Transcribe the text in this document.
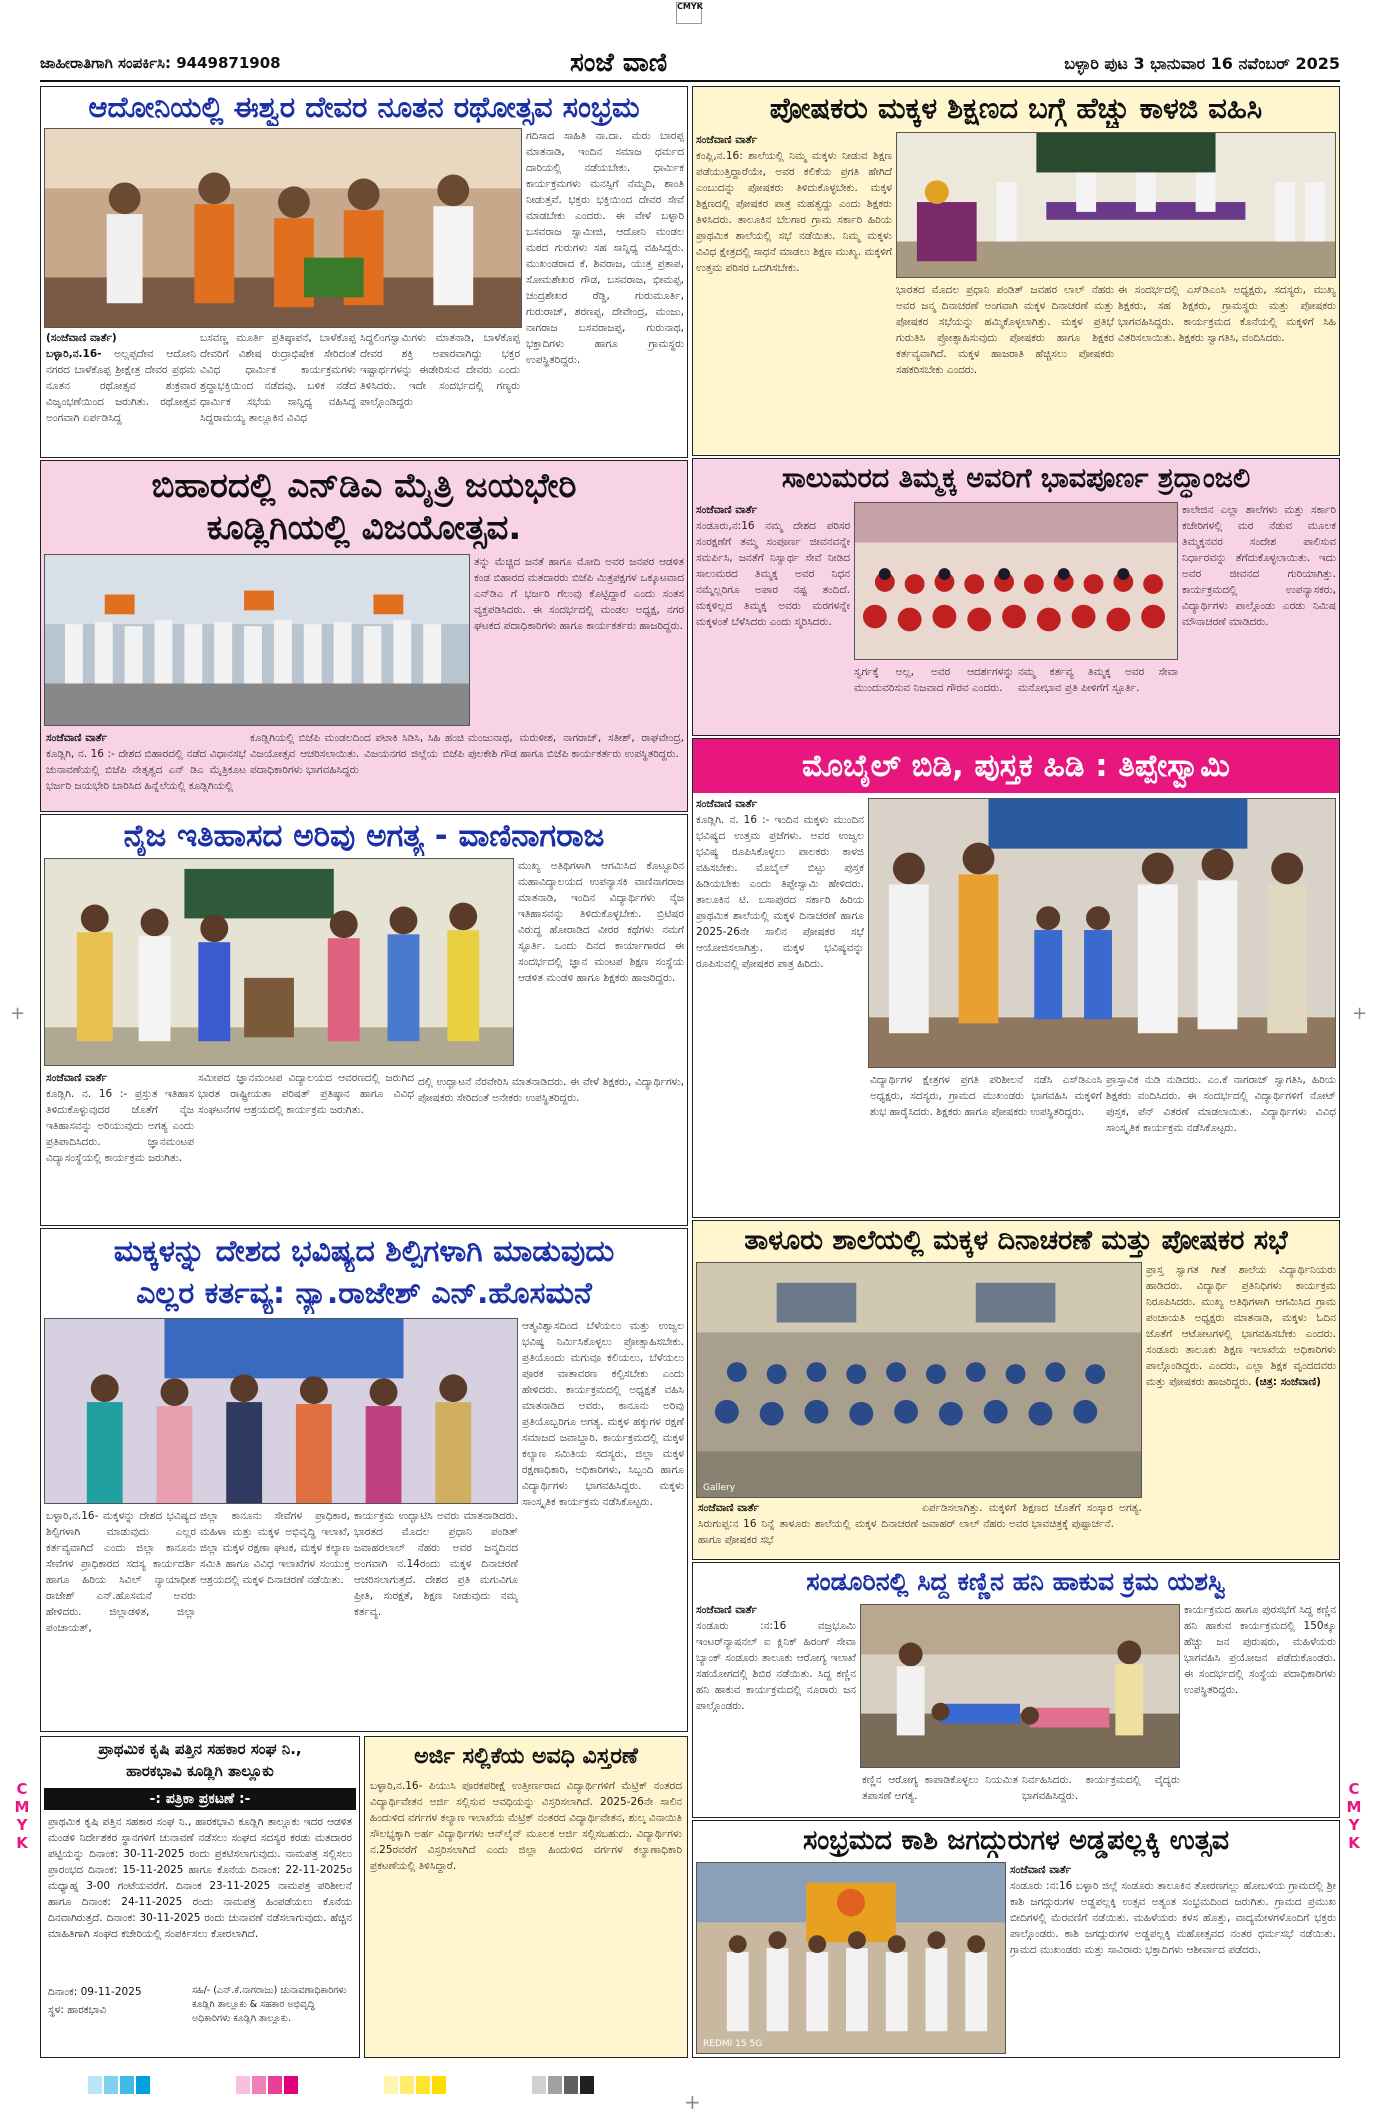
CMYK
C
M
Y
K
C
M
Y
K
+	+
ಜಾಹೀರಾತಿಗಾಗಿ ಸಂಪರ್ಕಿಸಿ: 9449871908	ಸಂಜೆ ವಾಣಿ	ಬಳ್ಳಾರಿ ಪುಟ 3 ಭಾನುವಾರ 16 ನವೆಂಬರ್ 2025
ಆದೋನಿಯಲ್ಲಿ ಈಶ್ವರ ದೇವರ ನೂತನ ರಥೋತ್ಸವ ಸಂಭ್ರಮ
ಗದಿಸಾದ ಸಾಹಿತಿ ನಾ.ದಾ. ಮರು ಬಾರಪ್ಪ ಮಾತನಾಡಿ, ಇಂದಿನ ಸಮಾಜ ಧರ್ಮದ ದಾರಿಯಲ್ಲಿ ನಡೆಯಬೇಕು. ಧಾರ್ಮಿಕ ಕಾರ್ಯಕ್ರಮಗಳು ಮನಸ್ಸಿಗೆ ನೆಮ್ಮದಿ, ಶಾಂತಿ ನೀಡುತ್ತವೆ. ಭಕ್ತರು ಭಕ್ತಿಯಿಂದ ದೇವರ ಸೇವೆ ಮಾಡಬೇಕು ಎಂದರು. ಈ ವೇಳೆ ಬಳ್ಳಾರಿ ಬಸವರಾಜ ಸ್ವಾಮೀಜಿ, ಆದೋನಿ ಮಂಡಲ ಮಠದ ಗುರುಗಳು ಸಹ ಸಾನ್ನಿಧ್ಯ ವಹಿಸಿದ್ದರು. ಮುಖಂಡರಾದ ಕೆ. ಶಿವರಾಜ, ಯುತ್ತ ಪ್ರತಾಪ, ಸೋಮಶೇಖರ ಗೌಡ, ಬಸವರಾಜ, ಭೀಮಪ್ಪ, ಚಂದ್ರಶೇಖರ ರೆಡ್ಡಿ, ಗುರುಮೂರ್ತಿ, ಗುರುರಾಜ್, ಶರಣಪ್ಪ, ದೇವೇಂದ್ರ, ಮಂಜು, ನಾಗರಾಜ ಬಸವರಾಜಪ್ಪ, ಗುರುನಾಥ, ಭಕ್ತಾದಿಗಳು ಹಾಗೂ ಗ್ರಾಮಸ್ಥರು ಉಪಸ್ಥಿತರಿದ್ದರು.
(ಸಂಜೆವಾಣಿ ವಾರ್ತೆ)
ಬಳ್ಳಾರಿ,ನ.16- ಅಲ್ಲಪ್ಪದೇವ ಆದೋನಿ ನಗರದ ಬಾಳೆಕೊಪ್ಪ ಶ್ರೀಕ್ಷೇತ್ರ ದೇವರ ಪ್ರಥಮ ನೂತನ ರಥೋತ್ಸವ ಶುಕ್ರವಾರ ವಿಜೃಂಭಣೆಯಿಂದ ಜರುಗಿತು. ರಥೋತ್ಸವ ಅಂಗವಾಗಿ ಏರ್ಪಡಿಸಿದ್ದ
ಬಸವಣ್ಣ ಮೂರ್ತಿ ಪ್ರತಿಷ್ಠಾಪನೆ, ಬಾಳೆಕೊಪ್ಪ ದೇವರಿಗೆ ವಿಶೇಷ ರುದ್ರಾಭಿಷೇಕ ಸೇರಿದಂತೆ ವಿವಿಧ ಧಾರ್ಮಿಕ ಕಾರ್ಯಕ್ರಮಗಳು ಶ್ರದ್ಧಾಭಕ್ತಿಯಿಂದ ನಡೆದವು. ಬಳಿಕ ನಡೆದ ಧಾರ್ಮಿಕ ಸಭೆಯ ಸಾನ್ನಿಧ್ಯ ವಹಿಸಿದ್ದ ಸಿದ್ದರಾಮಯ್ಯ ತಾಲ್ಲೂಕಿನ ವಿವಿಧ
ಸಿದ್ಧಲಿಂಗಸ್ವಾಮಿಗಳು ಮಾತನಾಡಿ, ಬಾಳೆಕೊಪ್ಪ ದೇವರ ಶಕ್ತಿ ಅಪಾರವಾಗಿದ್ದು ಭಕ್ತರ ಇಷ್ಟಾರ್ಥಗಳನ್ನು ಈಡೇರಿಸುವ ದೇವರು ಎಂದು ತಿಳಿಸಿದರು. ಇದೇ ಸಂದರ್ಭದಲ್ಲಿ ಗಣ್ಯರು ಪಾಲ್ಗೊಂಡಿದ್ದರು
ಬಿಹಾರದಲ್ಲಿ ಎನ್‌ಡಿಎ ಮೈತ್ರಿ ಜಯಭೇರಿ
ಕೂಡ್ಲಿಗಿಯಲ್ಲಿ ವಿಜಯೋತ್ಸವ.
ತನ್ನು ಮೆಚ್ಚಿದ ಜನತೆ ಹಾಗೂ ಮೋದಿ ಅವರ ಜನಪರ ಆಡಳಿತ ಕಂಡ ಬಿಹಾರದ ಮತದಾರರು ಬಿಜೆಪಿ ಮಿತ್ರಪಕ್ಷಗಳ ಒಕ್ಕೂಟವಾದ ಎನ್‌ಡಿಎ ಗೆ ಭರ್ಜರಿ ಗೆಲುವು ಕೊಟ್ಟಿದ್ದಾರೆ ಎಂದು ಸಂತಸ ವ್ಯಕ್ತಪಡಿಸಿದರು. ಈ ಸಂದರ್ಭದಲ್ಲಿ ಮಂಡಲ ಅಧ್ಯಕ್ಷ, ನಗರ ಘಟಕದ ಪದಾಧಿಕಾರಿಗಳು ಹಾಗೂ ಕಾರ್ಯಕರ್ತರು ಹಾಜರಿದ್ದರು.
ಸಂಜೆವಾಣಿ ವಾರ್ತೆ
ಕೂಡ್ಲಿಗಿ, ನ. 16 :- ದೇಶದ ಬಿಹಾರದಲ್ಲಿ ನಡೆದ ವಿಧಾನಸಭೆ ಚುನಾವಣೆಯಲ್ಲಿ ಬಿಜೆಪಿ ನೇತೃತ್ವದ ಎನ್ ಡಿಎ ಮೈತ್ರಿಕೂಟ ಭರ್ಜರಿ ಜಯಭೇರಿ ಬಾರಿಸಿದ ಹಿನ್ನೆಲೆಯಲ್ಲಿ ಕೂಡ್ಲಿಗಿಯಲ್ಲಿ
ಕೂಡ್ಲಿಗಿಯಲ್ಲಿ ಬಿಜೆಪಿ ಮಂಡಲದಿಂದ ಪಟಾಕಿ ಸಿಡಿಸಿ, ಸಿಹಿ ಹಂಚಿ ವಿಜಯೋತ್ಸವ ಆಚರಿಸಲಾಯಿತು. ವಿಜಯನಗರ ಜಿಲ್ಲೆಯ ಬಿಜೆಪಿ ಪದಾಧಿಕಾರಿಗಳು ಭಾಗವಹಿಸಿದ್ದರು
ಮಂಜುನಾಥ, ಮರುಳೀಶ, ನಾಗರಾಜ್, ಸತೀಶ್, ರಾಘವೇಂದ್ರ, ಪುಲಕೇಶಿ ಗೌಡ ಹಾಗೂ ಬಿಜೆಪಿ ಕಾರ್ಯಕರ್ತರು ಉಪಸ್ಥಿತರಿದ್ದರು.
ನೈಜ ಇತಿಹಾಸದ ಅರಿವು ಅಗತ್ಯ - ವಾಣಿನಾಗರಾಜ
ಮುಖ್ಯ ಅತಿಥಿಗಳಾಗಿ ಆಗಮಿಸಿದ ಕೊಟ್ಟೂರಿನ ಮಹಾವಿದ್ಯಾಲಯದ ಉಪನ್ಯಾಸಕಿ ವಾಣಿನಾಗರಾಜ ಮಾತನಾಡಿ, ಇಂದಿನ ವಿದ್ಯಾರ್ಥಿಗಳು ನೈಜ ಇತಿಹಾಸವನ್ನು ತಿಳಿದುಕೊಳ್ಳಬೇಕು. ಬ್ರಿಟಿಷರ ವಿರುದ್ಧ ಹೋರಾಡಿದ ವೀರರ ಕಥೆಗಳು ನಮಗೆ ಸ್ಫೂರ್ತಿ. ಒಂದು ದಿನದ ಕಾರ್ಯಾಗಾರದ ಈ ಸಂದರ್ಭದಲ್ಲಿ ಜ್ಞಾನ ಮಂಟಪ ಶಿಕ್ಷಣ ಸಂಸ್ಥೆಯ ಆಡಳಿತ ಮಂಡಳಿ ಹಾಗೂ ಶಿಕ್ಷಕರು ಹಾಜರಿದ್ದರು.
ಸಂಜೆವಾಣಿ ವಾರ್ತೆ
ಕೂಡ್ಲಿಗಿ. ನ. 16 :- ಪ್ರಸ್ತುತ ಇತಿಹಾಸ ತಿಳಿದುಕೊಳ್ಳುವುದರ ಜೊತೆಗೆ ನೈಜ ಇತಿಹಾಸವನ್ನು ಅರಿಯುವುದು ಅಗತ್ಯ ಎಂದು ಪ್ರತಿಪಾದಿಸಿದರು. ಜ್ಞಾನಮಂಟಪ ವಿದ್ಯಾಸಂಸ್ಥೆಯಲ್ಲಿ ಕಾರ್ಯಕ್ರಮ ಜರುಗಿತು.
ಸಮೀಪದ ಜ್ಞಾನಮಂಟಪ ವಿದ್ಯಾಲಯದ ಆವರಣದಲ್ಲಿ ಜರುಗಿದ ಭಾರತ ರಾಷ್ಟ್ರೀಯತಾ ಪರಿಷತ್ ಪ್ರತಿಷ್ಠಾನ ಹಾಗೂ ವಿವಿಧ ಸಂಘಟನೆಗಳ ಆಶ್ರಯದಲ್ಲಿ ಕಾರ್ಯಕ್ರಮ ಜರುಗಿತು.
ದಲ್ಲಿ ಉದ್ಘಾಟನೆ ನೆರವೇರಿಸಿ ಮಾತನಾಡಿದರು. ಈ ವೇಳೆ ಶಿಕ್ಷಕರು, ವಿದ್ಯಾರ್ಥಿಗಳು, ಪೋಷಕರು ಸೇರಿದಂತೆ ಅನೇಕರು ಉಪಸ್ಥಿತರಿದ್ದರು.
ಮಕ್ಕಳನ್ನು ದೇಶದ ಭವಿಷ್ಯದ ಶಿಲ್ಪಿಗಳಾಗಿ ಮಾಡುವುದು
ಎಲ್ಲರ ಕರ್ತವ್ಯ: ನ್ಯಾ.ರಾಜೇಶ್ ಎನ್.ಹೊಸಮನೆ
ಆತ್ಮವಿಶ್ವಾಸದಿಂದ ಬೆಳೆಯಲು ಮತ್ತು ಉಜ್ವಲ ಭವಿಷ್ಯ ನಿರ್ಮಿಸಿಕೊಳ್ಳಲು ಪ್ರೋತ್ಸಾಹಿಸಬೇಕು. ಪ್ರತಿಯೊಂದು ಮಗುವೂ ಕಲಿಯಲು, ಬೆಳೆಯಲು ಪೂರಕ ವಾತಾವರಣ ಕಲ್ಪಿಸಬೇಕು ಎಂದು ಹೇಳಿದರು. ಕಾರ್ಯಕ್ರಮದಲ್ಲಿ ಅಧ್ಯಕ್ಷತೆ ವಹಿಸಿ ಮಾತನಾಡಿದ ಅವರು, ಕಾನೂನು ಅರಿವು ಪ್ರತಿಯೊಬ್ಬರಿಗೂ ಅಗತ್ಯ. ಮಕ್ಕಳ ಹಕ್ಕುಗಳ ರಕ್ಷಣೆ ಸಮಾಜದ ಜವಾಬ್ದಾರಿ. ಕಾರ್ಯಕ್ರಮದಲ್ಲಿ ಮಕ್ಕಳ ಕಲ್ಯಾಣ ಸಮಿತಿಯ ಸದಸ್ಯರು, ಜಿಲ್ಲಾ ಮಕ್ಕಳ ರಕ್ಷಣಾಧಿಕಾರಿ, ಅಧಿಕಾರಿಗಳು, ಸಿಬ್ಬಂದಿ ಹಾಗೂ ವಿದ್ಯಾರ್ಥಿಗಳು ಭಾಗವಹಿಸಿದ್ದರು. ಮಕ್ಕಳು ಸಾಂಸ್ಕೃತಿಕ ಕಾರ್ಯಕ್ರಮ ನಡೆಸಿಕೊಟ್ಟರು.
ಬಳ್ಳಾರಿ,ನ.16- ಮಕ್ಕಳನ್ನು ದೇಶದ ಭವಿಷ್ಯದ ಶಿಲ್ಪಿಗಳಾಗಿ ಮಾಡುವುದು ಎಲ್ಲರ ಕರ್ತವ್ಯವಾಗಿದೆ ಎಂದು ಜಿಲ್ಲಾ ಕಾನೂನು ಸೇವೆಗಳ ಪ್ರಾಧಿಕಾರದ ಸದಸ್ಯ ಕಾರ್ಯದರ್ಶಿ ಹಾಗೂ ಹಿರಿಯ ಸಿವಿಲ್ ನ್ಯಾಯಾಧೀಶ ರಾಜೇಶ್ ಎನ್.ಹೊಸಮನೆ ಅವರು ಹೇಳಿದರು. ಜಿಲ್ಲಾಡಳಿತ, ಜಿಲ್ಲಾ ಪಂಚಾಯತ್,
ಜಿಲ್ಲಾ ಕಾನೂನು ಸೇವೆಗಳ ಪ್ರಾಧಿಕಾರ, ಮಹಿಳಾ ಮತ್ತು ಮಕ್ಕಳ ಅಭಿವೃದ್ಧಿ ಇಲಾಖೆ, ಜಿಲ್ಲಾ ಮಕ್ಕಳ ರಕ್ಷಣಾ ಘಟಕ, ಮಕ್ಕಳ ಕಲ್ಯಾಣ ಸಮಿತಿ ಹಾಗೂ ವಿವಿಧ ಇಲಾಖೆಗಳ ಸಂಯುಕ್ತ ಆಶ್ರಯದಲ್ಲಿ ಮಕ್ಕಳ ದಿನಾಚರಣೆ ನಡೆಯಿತು.
ಕಾರ್ಯಕ್ರಮ ಉದ್ಘಾಟಿಸಿ ಅವರು ಮಾತನಾಡಿದರು. ಭಾರತದ ಮೊದಲ ಪ್ರಧಾನಿ ಪಂಡಿತ್ ಜವಾಹರಲಾಲ್ ನೆಹರು ಅವರ ಜನ್ಮದಿನದ ಅಂಗವಾಗಿ ನ.14ರಂದು ಮಕ್ಕಳ ದಿನಾಚರಣೆ ಆಚರಿಸಲಾಗುತ್ತದೆ. ದೇಶದ ಪ್ರತಿ ಮಗುವಿಗೂ ಪ್ರೀತಿ, ಸುರಕ್ಷತೆ, ಶಿಕ್ಷಣ ನೀಡುವುದು ನಮ್ಮ ಕರ್ತವ್ಯ.
ಪ್ರಾಥಮಿಕ ಕೃಷಿ ಪತ್ತಿನ ಸಹಕಾರ ಸಂಘ ನಿ.,
ಹಾರಕಭಾವಿ ಕೂಡ್ಲಿಗಿ ತಾಲ್ಲೂಕು
-: ಪತ್ರಿಕಾ ಪ್ರಕಟಣೆ :-
ಪ್ರಾಥಮಿಕ ಕೃಷಿ ಪತ್ತಿನ ಸಹಕಾರ ಸಂಘ ನಿ., ಹಾರಕಭಾವಿ ಕೂಡ್ಲಿಗಿ ತಾಲ್ಲೂಕು ಇದರ ಆಡಳಿತ ಮಂಡಳಿ ನಿರ್ದೇಶಕರ ಸ್ಥಾನಗಳಿಗೆ ಚುನಾವಣೆ ನಡೆಸಲು ಸಂಘದ ಸದಸ್ಯರ ಕರಡು ಮತದಾರರ ಪಟ್ಟಿಯನ್ನು ದಿನಾಂಕ: 30-11-2025 ರಂದು ಪ್ರಕಟಿಸಲಾಗುವುದು. ನಾಮಪತ್ರ ಸಲ್ಲಿಸಲು ಪ್ರಾರಂಭದ ದಿನಾಂಕ: 15-11-2025 ಹಾಗೂ ಕೊನೆಯ ದಿನಾಂಕ: 22-11-2025ರ ಮಧ್ಯಾಹ್ನ 3-00 ಗಂಟೆಯವರೆಗೆ. ದಿನಾಂಕ 23-11-2025 ನಾಮಪತ್ರ ಪರಿಶೀಲನೆ ಹಾಗೂ ದಿನಾಂಕ: 24-11-2025 ರಂದು ನಾಮಪತ್ರ ಹಿಂಪಡೆಯಲು ಕೊನೆಯ ದಿನವಾಗಿರುತ್ತದೆ. ದಿನಾಂಕ: 30-11-2025 ರಂದು ಚುನಾವಣೆ ನಡೆಸಲಾಗುವುದು. ಹೆಚ್ಚಿನ ಮಾಹಿತಿಗಾಗಿ ಸಂಘದ ಕಚೇರಿಯಲ್ಲಿ ಸಂಪರ್ಕಿಸಲು ಕೋರಲಾಗಿದೆ.
ದಿನಾಂಕ: 09-11-2025
ಸ್ಥಳ: ಹಾರಕಭಾವಿ
ಸಹಿ/- (ಎನ್.ಕೆ.ನಾಗರಾಜು) ಚುನಾವಣಾಧಿಕಾರಿಗಳು ಕೂಡ್ಲಿಗಿ ತಾಲ್ಲೂಕು & ಸಹಕಾರ ಅಭಿವೃದ್ಧಿ ಅಧಿಕಾರಿಗಳು ಕೂಡ್ಲಿಗಿ ತಾಲ್ಲೂಕು.
ಅರ್ಜಿ ಸಲ್ಲಿಕೆಯ ಅವಧಿ ವಿಸ್ತರಣೆ
ಬಳ್ಳಾರಿ,ನ.16- ಪಿಯುಸಿ ಪೂರಕಪರೀಕ್ಷೆ ಉತ್ತೀರ್ಣರಾದ ವಿದ್ಯಾರ್ಥಿಗಳಿಗೆ ಮೆಟ್ರಿಕ್ ನಂತರದ ವಿದ್ಯಾರ್ಥಿವೇತನ ಅರ್ಜಿ ಸಲ್ಲಿಸುವ ಅವಧಿಯನ್ನು ವಿಸ್ತರಿಸಲಾಗಿದೆ. 2025-26ನೇ ಸಾಲಿನ ಹಿಂದುಳಿದ ವರ್ಗಗಳ ಕಲ್ಯಾಣ ಇಲಾಖೆಯ ಮೆಟ್ರಿಕ್ ನಂತರದ ವಿದ್ಯಾರ್ಥಿವೇತನ, ಶುಲ್ಕ ವಿನಾಯಿತಿ ಸೌಲಭ್ಯಕ್ಕಾಗಿ ಅರ್ಹ ವಿದ್ಯಾರ್ಥಿಗಳು ಆನ್‌ಲೈನ್ ಮೂಲಕ ಅರ್ಜಿ ಸಲ್ಲಿಸಬಹುದು. ವಿದ್ಯಾರ್ಥಿಗಳು ನ.25ರವರೆಗೆ ವಿಸ್ತರಿಸಲಾಗಿದೆ ಎಂದು ಜಿಲ್ಲಾ ಹಿಂದುಳಿದ ವರ್ಗಗಳ ಕಲ್ಯಾಣಾಧಿಕಾರಿ ಪ್ರಕಟಣೆಯಲ್ಲಿ ತಿಳಿಸಿದ್ದಾರೆ.
ಪೋಷಕರು ಮಕ್ಕಳ ಶಿಕ್ಷಣದ ಬಗ್ಗೆ ಹೆಚ್ಚು ಕಾಳಜಿ ವಹಿಸಿ
ಸಂಜೆವಾಣಿ ವಾರ್ತೆ
ಕಂಪ್ಲಿ,ನ.16: ಶಾಲೆಯಲ್ಲಿ ನಿಮ್ಮ ಮಕ್ಕಳು ನೀಡುವ ಶಿಕ್ಷಣ ಪಡೆಯುತ್ತಿದ್ದಾರೆಯೇ, ಅವರ ಕಲಿಕೆಯ ಪ್ರಗತಿ ಹೇಗಿದೆ ಎಂಬುದನ್ನು ಪೋಷಕರು ತಿಳಿದುಕೊಳ್ಳಬೇಕು. ಮಕ್ಕಳ ಶಿಕ್ಷಣದಲ್ಲಿ ಪೋಷಕರ ಪಾತ್ರ ಮಹತ್ವದ್ದು ಎಂದು ಶಿಕ್ಷಕರು ತಿಳಿಸಿದರು. ತಾಲೂಕಿನ ಬೆಲಗಾರ ಗ್ರಾಮ ಸರ್ಕಾರಿ ಹಿರಿಯ ಪ್ರಾಥಮಿಕ ಶಾಲೆಯಲ್ಲಿ ಸಭೆ ನಡೆಯಿತು. ನಿಮ್ಮ ಮಕ್ಕಳು ವಿವಿಧ ಕ್ಷೇತ್ರದಲ್ಲಿ ಸಾಧನೆ ಮಾಡಲು ಶಿಕ್ಷಣ ಮುಖ್ಯ. ಮಕ್ಕಳಿಗೆ ಉತ್ತಮ ಪರಿಸರ ಒದಗಿಸಬೇಕು.
ಭಾರತದ ಮೊದಲ ಪ್ರಧಾನಿ ಪಂಡಿತ್ ಜವಹರ ಲಾಲ್ ನೆಹರು ಅವರ ಜನ್ಮ ದಿನಾಚರಣೆ ಅಂಗವಾಗಿ ಮಕ್ಕಳ ದಿನಾಚರಣೆ ಮತ್ತು ಪೋಷಕರ ಸಭೆಯನ್ನು ಹಮ್ಮಿಕೊಳ್ಳಲಾಗಿತ್ತು. ಮಕ್ಕಳ ಪ್ರತಿಭೆ ಗುರುತಿಸಿ ಪ್ರೋತ್ಸಾಹಿಸುವುದು ಪೋಷಕರು ಹಾಗೂ ಶಿಕ್ಷಕರ ಕರ್ತವ್ಯವಾಗಿದೆ. ಮಕ್ಕಳ ಹಾಜರಾತಿ ಹೆಚ್ಚಿಸಲು ಪೋಷಕರು ಸಹಕರಿಸಬೇಕು ಎಂದರು.
ಈ ಸಂದರ್ಭದಲ್ಲಿ ಎಸ್‌ಡಿಎಂಸಿ ಅಧ್ಯಕ್ಷರು, ಸದಸ್ಯರು, ಮುಖ್ಯ ಶಿಕ್ಷಕರು, ಸಹ ಶಿಕ್ಷಕರು, ಗ್ರಾಮಸ್ಥರು ಮತ್ತು ಪೋಷಕರು ಭಾಗವಹಿಸಿದ್ದರು. ಕಾರ್ಯಕ್ರಮದ ಕೊನೆಯಲ್ಲಿ ಮಕ್ಕಳಿಗೆ ಸಿಹಿ ವಿತರಿಸಲಾಯಿತು. ಶಿಕ್ಷಕರು ಸ್ವಾಗತಿಸಿ, ವಂದಿಸಿದರು.
ಸಾಲುಮರದ ತಿಮ್ಮಕ್ಕ ಅವರಿಗೆ ಭಾವಪೂರ್ಣ ಶ್ರದ್ಧಾಂಜಲಿ
ಸಂಜೆವಾಣಿ ವಾರ್ತೆ
ಸಂಡೂರು,ನ:16 ನಮ್ಮ ದೇಶದ ಪರಿಸರ ಸಂರಕ್ಷಣೆಗೆ ತಮ್ಮ ಸಂಪೂರ್ಣ ಜೀವನವನ್ನೇ ಸಮರ್ಪಿಸಿ, ಜನತೆಗೆ ನಿಸ್ವಾರ್ಥ ಸೇವೆ ನೀಡಿದ ಸಾಲುಮರದ ತಿಮ್ಮಕ್ಕ ಅವರ ನಿಧನ ನಮ್ಮೆಲ್ಲರಿಗೂ ಅಪಾರ ನಷ್ಟ ತಂದಿದೆ. ಮಕ್ಕಳಿಲ್ಲದ ತಿಮ್ಮಕ್ಕ ಅವರು ಮರಗಳನ್ನೇ ಮಕ್ಕಳಂತೆ ಬೆಳೆಸಿದರು ಎಂದು ಸ್ಮರಿಸಿದರು.
ಸ್ವರ್ಗಕ್ಕೆ ಅಲ್ಲ, ಅವರ ಆದರ್ಶಗಳನ್ನು ಮುಂದುವರಿಸುವ ನಿಜವಾದ ಗೌರವ ಎಂದರು.
ನಮ್ಮ ಕರ್ತವ್ಯ ತಿಮ್ಮಕ್ಕ ಅವರ ಸೇವಾ ಮನೋಭಾವ ಪ್ರತಿ ಪೀಳಿಗೆಗೆ ಸ್ಪೂರ್ತಿ.
ಕಾಲೇಜಿನ ಎಲ್ಲಾ ಶಾಲೆಗಳು ಮತ್ತು ಸರ್ಕಾರಿ ಕಚೇರಿಗಳಲ್ಲಿ ಮರ ನೆಡುವ ಮೂಲಕ ತಿಮ್ಮಕ್ಕನವರ ಸಂದೇಶ ಪಾಲಿಸುವ ನಿರ್ಧಾರವನ್ನು ತೆಗೆದುಕೊಳ್ಳಲಾಯಿತು. ಇದು ಅವರ ಜೀವನದ ಗುರಿಯಾಗಿತ್ತು. ಕಾರ್ಯಕ್ರಮದಲ್ಲಿ ಉಪನ್ಯಾಸಕರು, ವಿದ್ಯಾರ್ಥಿಗಳು ಪಾಲ್ಗೊಂಡು ಎರಡು ನಿಮಿಷ ಮೌನಾಚರಣೆ ಮಾಡಿದರು.
ಮೊಬೈಲ್ ಬಿಡಿ, ಪುಸ್ತಕ ಹಿಡಿ : ತಿಪ್ಪೇಸ್ವಾಮಿ
ಸಂಜೆವಾಣಿ ವಾರ್ತೆ
ಕೂಡ್ಲಿಗಿ. ನ. 16 :- ಇಂದಿನ ಮಕ್ಕಳು ಮುಂದಿನ ಭವಿಷ್ಯದ ಉತ್ತಮ ಪ್ರಜೆಗಳು. ಅವರ ಉಜ್ವಲ ಭವಿಷ್ಯ ರೂಪಿಸಿಕೊಳ್ಳಲು ಪಾಲಕರು ಕಾಳಜಿ ವಹಿಸಬೇಕು. ಮೊಬೈಲ್ ಬಿಟ್ಟು ಪುಸ್ತಕ ಹಿಡಿಯಬೇಕು ಎಂದು ತಿಪ್ಪೇಸ್ವಾಮಿ ಹೇಳಿದರು. ತಾಲೂಕಿನ ಟಿ. ಬಸಾಪುರದ ಸರ್ಕಾರಿ ಹಿರಿಯ ಪ್ರಾಥಮಿಕ ಶಾಲೆಯಲ್ಲಿ ಮಕ್ಕಳ ದಿನಾಚರಣೆ ಹಾಗೂ 2025-26ನೇ ಸಾಲಿನ ಪೋಷಕರ ಸಭೆ ಆಯೋಜಿಸಲಾಗಿತ್ತು. ಮಕ್ಕಳ ಭವಿಷ್ಯವನ್ನು ರೂಪಿಸುವಲ್ಲಿ ಪೋಷಕರ ಪಾತ್ರ ಹಿರಿದು.
ವಿದ್ಯಾರ್ಥಿಗಳ ಕ್ಷೇತ್ರಗಳ ಪ್ರಗತಿ ಪರಿಶೀಲನೆ ನಡೆಸಿ ಎಸ್‌ಡಿಎಂಸಿ ಅಧ್ಯಕ್ಷರು, ಸದಸ್ಯರು, ಗ್ರಾಮದ ಮುಖಂಡರು ಭಾಗವಹಿಸಿ ಮಕ್ಕಳಿಗೆ ಶುಭ ಹಾರೈಸಿದರು. ಶಿಕ್ಷಕರು ಹಾಗೂ ಪೋಷಕರು ಉಪಸ್ಥಿತರಿದ್ದರು.
ಪ್ರಾಸ್ತಾವಿಕ ನುಡಿ ನುಡಿದರು. ಎಂ.ಕೆ ನಾಗರಾಜ್ ಸ್ವಾಗತಿಸಿ, ಹಿರಿಯ ಶಿಕ್ಷಕರು ವಂದಿಸಿದರು. ಈ ಸಂದರ್ಭದಲ್ಲಿ ವಿದ್ಯಾರ್ಥಿಗಳಿಗೆ ನೋಟ್ ಪುಸ್ತಕ, ಪೆನ್ ವಿತರಣೆ ಮಾಡಲಾಯಿತು. ವಿದ್ಯಾರ್ಥಿಗಳು ವಿವಿಧ ಸಾಂಸ್ಕೃತಿಕ ಕಾರ್ಯಕ್ರಮ ನಡೆಸಿಕೊಟ್ಟರು.
ತಾಳೂರು ಶಾಲೆಯಲ್ಲಿ ಮಕ್ಕಳ ದಿನಾಚರಣೆ ಮತ್ತು ಪೋಷಕರ ಸಭೆ
Gallery
ಪ್ರಾಸ್ತ ಸ್ವಾಗತ ಗೀತೆ ಶಾಲೆಯ ವಿದ್ಯಾರ್ಥಿನಿಯರು ಹಾಡಿದರು. ವಿದ್ಯಾರ್ಥಿ ಪ್ರತಿನಿಧಿಗಳು ಕಾರ್ಯಕ್ರಮ ನಿರೂಪಿಸಿದರು. ಮುಖ್ಯ ಅತಿಥಿಗಳಾಗಿ ಆಗಮಿಸಿದ ಗ್ರಾಮ ಪಂಚಾಯತಿ ಅಧ್ಯಕ್ಷರು ಮಾತನಾಡಿ, ಮಕ್ಕಳು ಓದಿನ ಜೊತೆಗೆ ಆಟೋಟಗಳಲ್ಲಿ ಭಾಗವಹಿಸಬೇಕು ಎಂದರು. ಸಂಡೂರು ತಾಲೂಕು ಶಿಕ್ಷಣ ಇಲಾಖೆಯ ಅಧಿಕಾರಿಗಳು ಪಾಲ್ಗೊಂಡಿದ್ದರು. ಎಂದರು, ಎಲ್ಲಾ ಶಿಕ್ಷಕ ವೃಂದದವರು ಮತ್ತು ಪೋಷಕರು ಹಾಜರಿದ್ದರು. (ಚಿತ್ರ: ಸಂಜೆವಾಣಿ)
ಸಂಜೆವಾಣಿ ವಾರ್ತೆ
ಸಿರುಗುಪ್ಪ:ನ 16 ನಿನ್ನೆ ತಾಳೂರು ಶಾಲೆಯಲ್ಲಿ ಮಕ್ಕಳ ದಿನಾಚರಣೆ ಹಾಗೂ ಪೋಷಕರ ಸಭೆ
ಏರ್ಪಡಿಸಲಾಗಿತ್ತು. ಮಕ್ಕಳಿಗೆ ಶಿಕ್ಷಣದ ಜೊತೆಗೆ ಸಂಸ್ಕಾರ ಅಗತ್ಯ. ಜವಾಹರ್ ಲಾಲ್ ನೆಹರು ಅವರ ಭಾವಚಿತ್ರಕ್ಕೆ ಪುಷ್ಪಾರ್ಚನೆ.
ಸಂಡೂರಿನಲ್ಲಿ ಸಿದ್ದ ಕಣ್ಣಿನ ಹನಿ ಹಾಕುವ ಕ್ರಮ ಯಶಸ್ವಿ
ಸಂಜೆವಾಣಿ ವಾರ್ತೆ
ಸಂಡೂರು :ನ:16 ವಜ್ರಭೂಮಿ ಇಂಟರ್‌ನ್ಯಾಷನಲ್ ಐ ಕ್ಲಿನಿಕ್ ಹಿರಂಗ್ ಸೇವಾ ಬ್ಯಾಂಕ್ ಸಂಡೂರು ತಾಲೂಕು ಆರೋಗ್ಯ ಇಲಾಖೆ ಸಹಯೋಗದಲ್ಲಿ ಶಿಬಿರ ನಡೆಯಿತು. ಸಿದ್ದ ಕಣ್ಣಿನ ಹನಿ ಹಾಕುವ ಕಾರ್ಯಕ್ರಮದಲ್ಲಿ ನೂರಾರು ಜನ ಪಾಲ್ಗೊಂಡರು.
ಕಣ್ಣಿನ ಆರೋಗ್ಯ ಕಾಪಾಡಿಕೊಳ್ಳಲು ನಿಯಮಿತ ತಪಾಸಣೆ ಅಗತ್ಯ.
ನಿರ್ವಹಿಸಿದರು. ಕಾರ್ಯಕ್ರಮದಲ್ಲಿ ವೈದ್ಯರು ಭಾಗವಹಿಸಿದ್ದರು.
ಕಾರ್ಯಕ್ರಮದ ಹಾಗೂ ಪುರಸಭೆಗೆ ಸಿದ್ದ ಕಣ್ಣಿನ ಹನಿ ಹಾಕುವ ಕಾರ್ಯಕ್ರಮದಲ್ಲಿ 150ಕ್ಕೂ ಹೆಚ್ಚು ಜನ ಪುರುಷರು, ಮಹಿಳೆಯರು ಭಾಗವಹಿಸಿ ಪ್ರಯೋಜನ ಪಡೆದುಕೊಂಡರು. ಈ ಸಂದರ್ಭದಲ್ಲಿ ಸಂಸ್ಥೆಯ ಪದಾಧಿಕಾರಿಗಳು ಉಪಸ್ಥಿತರಿದ್ದರು.
ಸಂಭ್ರಮದ ಕಾಶಿ ಜಗದ್ಗುರುಗಳ ಅಡ್ಡಪಲ್ಲಕ್ಕಿ ಉತ್ಸವ
REDMI 15 5G
ಸಂಜೆವಾಣಿ ವಾರ್ತೆ
ಸಂಡೂರು :ನ:16 ಬಳ್ಳಾರಿ ಜಿಲ್ಲೆ ಸಂಡೂರು ತಾಲೂಕಿನ ತೋರಣಗಲ್ಲು ಹೋಬಳಿಯ ಗ್ರಾಮದಲ್ಲಿ ಶ್ರೀ ಕಾಶಿ ಜಗದ್ಗುರುಗಳ ಅಡ್ಡಪಲ್ಲಕ್ಕಿ ಉತ್ಸವ ಅತ್ಯಂತ ಸಂಭ್ರಮದಿಂದ ಜರುಗಿತು. ಗ್ರಾಮದ ಪ್ರಮುಖ ಬೀದಿಗಳಲ್ಲಿ ಮೆರವಣಿಗೆ ನಡೆಯಿತು. ಮಹಿಳೆಯರು ಕಳಸ ಹೊತ್ತು, ವಾದ್ಯಮೇಳಗಳೊಂದಿಗೆ ಭಕ್ತರು ಪಾಲ್ಗೊಂಡರು. ಕಾಶಿ ಜಗದ್ಗುರುಗಳ ಅಡ್ಡಪಲ್ಲಕ್ಕಿ ಮಹೋತ್ಸವದ ನಂತರ ಧರ್ಮಸಭೆ ನಡೆಯಿತು. ಗ್ರಾಮದ ಮುಖಂಡರು ಮತ್ತು ಸಾವಿರಾರು ಭಕ್ತಾದಿಗಳು ಆಶೀರ್ವಾದ ಪಡೆದರು.
+
